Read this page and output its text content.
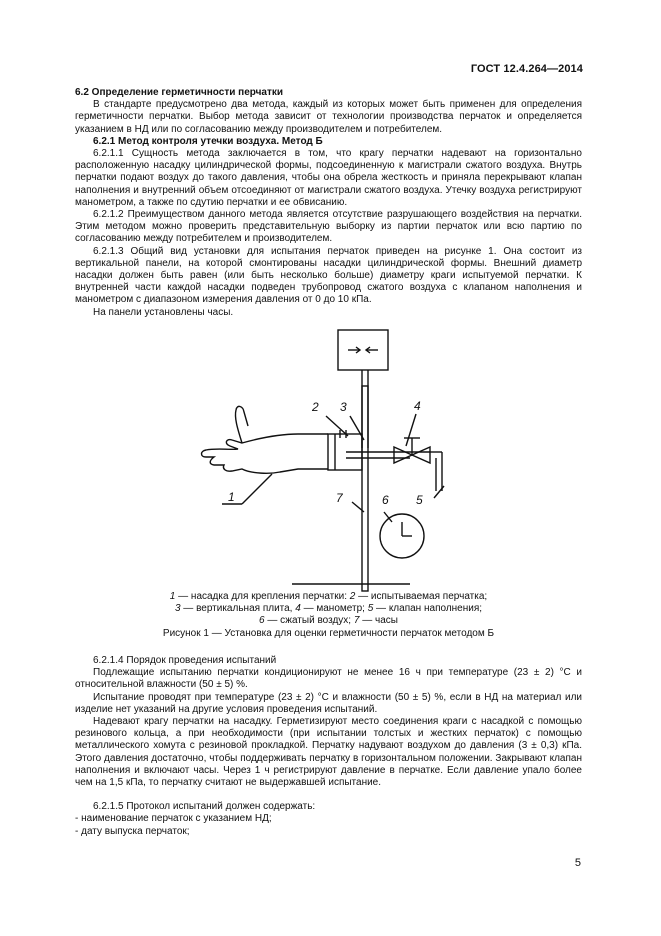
ГОСТ 12.4.264—2014

6.2 Определение герметичности перчатки

В стандарте предусмотрено два метода, каждый из которых может быть применен для определения герметичности перчатки. Выбор метода зависит от технологии производства перчаток и определяется указанием в НД или по согласованию между производителем и потребителем.

6.2.1 Метод контроля утечки воздуха. Метод Б

6.2.1.1 Сущность метода заключается в том, что крагу перчатки надевают на горизонтально расположенную насадку цилиндрической формы, подсоединенную к магистрали сжатого воздуха. Внутрь перчатки подают воздух до такого давления, чтобы она обрела жесткость и приняла перекрывают клапан наполнения и внутренний объем отсоединяют от магистрали сжатого воздуха. Утечку воздуха регистрируют манометром, а также по сдутию перчатки и ее обвисанию.

6.2.1.2 Преимуществом данного метода является отсутствие разрушающего воздействия на перчатки. Этим методом можно проверить представительную выборку из партии перчаток или всю партию по согласованию между потребителем и производителем.

6.2.1.3 Общий вид установки для испытания перчаток приведен на рисунке 1. Она состоит из вертикальной панели, на которой смонтированы насадки цилиндрической формы. Внешний диаметр насадки должен быть равен (или быть несколько больше) диаметру краги испытуемой перчатки. К внутренней части каждой насадки подведен трубопровод сжатого воздуха с клапаном наполнения и манометром с диапазоном измерения давления от 0 до 10 кПа.

На панели установлены часы.

1
2 3	4
5
6
7
1 — насадка для крепления перчатки: 2 — испытываемая перчатка;
3 — вертикальная плита, 4 — манометр; 5 — клапан наполнения;
6 — сжатый воздух; 7 — часы
Рисунок 1 — Установка для оценки герметичности перчаток методом Б

6.2.1.4 Порядок проведения испытаний

Подлежащие испытанию перчатки кондиционируют не менее 16 ч при температуре (23 ± 2) °С и относительной влажности (50 ± 5) %.

Испытание проводят при температуре (23 ± 2) °С и влажности (50 ± 5) %, если в НД на материал или изделие нет указаний на другие условия проведения испытаний.

Надевают крагу перчатки на насадку. Герметизируют место соединения краги с насадкой с помощью резинового кольца, а при необходимости (при испытании толстых и жестких перчаток) с помощью металлического хомута с резиновой прокладкой. Перчатку надувают воздухом до давления (3 ± 0,3) кПа. Этого давления достаточно, чтобы поддерживать перчатку в горизонтальном положении. Закрывают клапан наполнения и включают часы. Через 1 ч регистрируют давление в перчатке. Если давление упало более чем на 1,5 кПа, то перчатку считают не выдержавшей испытание.

6.2.1.5 Протокол испытаний должен содержать:

- наименование перчаток с указанием НД;

- дату выпуска перчаток;

5
